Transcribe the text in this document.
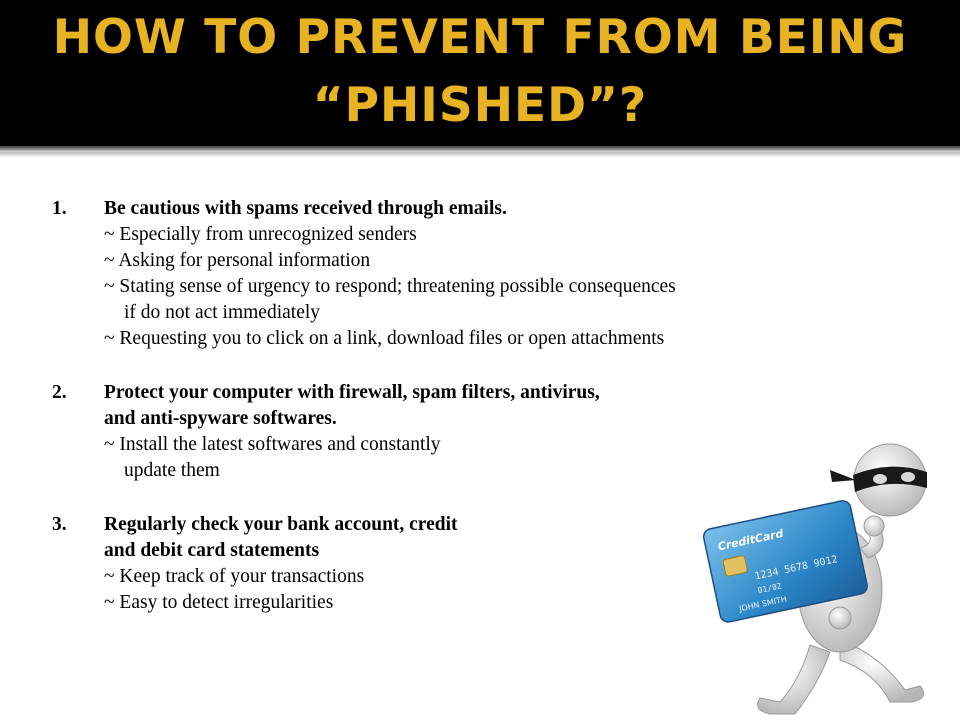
HOW TO PREVENT FROM BEING
“PHISHED”?
1. Be cautious with spams received through emails.
~ Especially from unrecognized senders
~ Asking for personal information
~ Stating sense of urgency to respond; threatening possible consequences
if do not act immediately
~ Requesting you to click on a link, download files or open attachments
2. Protect your computer with firewall, spam filters, antivirus,
and anti-spyware softwares.
~ Install the latest softwares and constantly
update them
3. Regularly check your bank account, credit
and debit card statements
~ Keep track of your transactions
~ Easy to detect irregularities
CreditCard
1234 5678 9012
01/02
JOHN SMITH
